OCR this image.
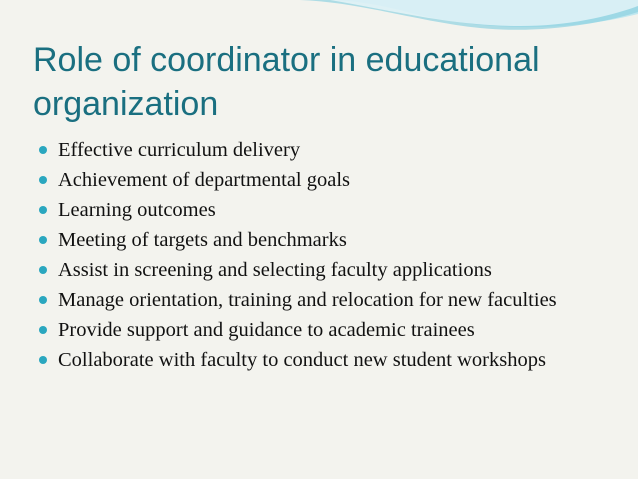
Role of coordinator in educational organization
Effective curriculum delivery
Achievement of departmental goals
Learning outcomes
Meeting of targets and benchmarks
Assist in screening and selecting faculty applications
Manage orientation, training and relocation for new faculties
Provide support and guidance to academic trainees
Collaborate with faculty to conduct new student workshops
